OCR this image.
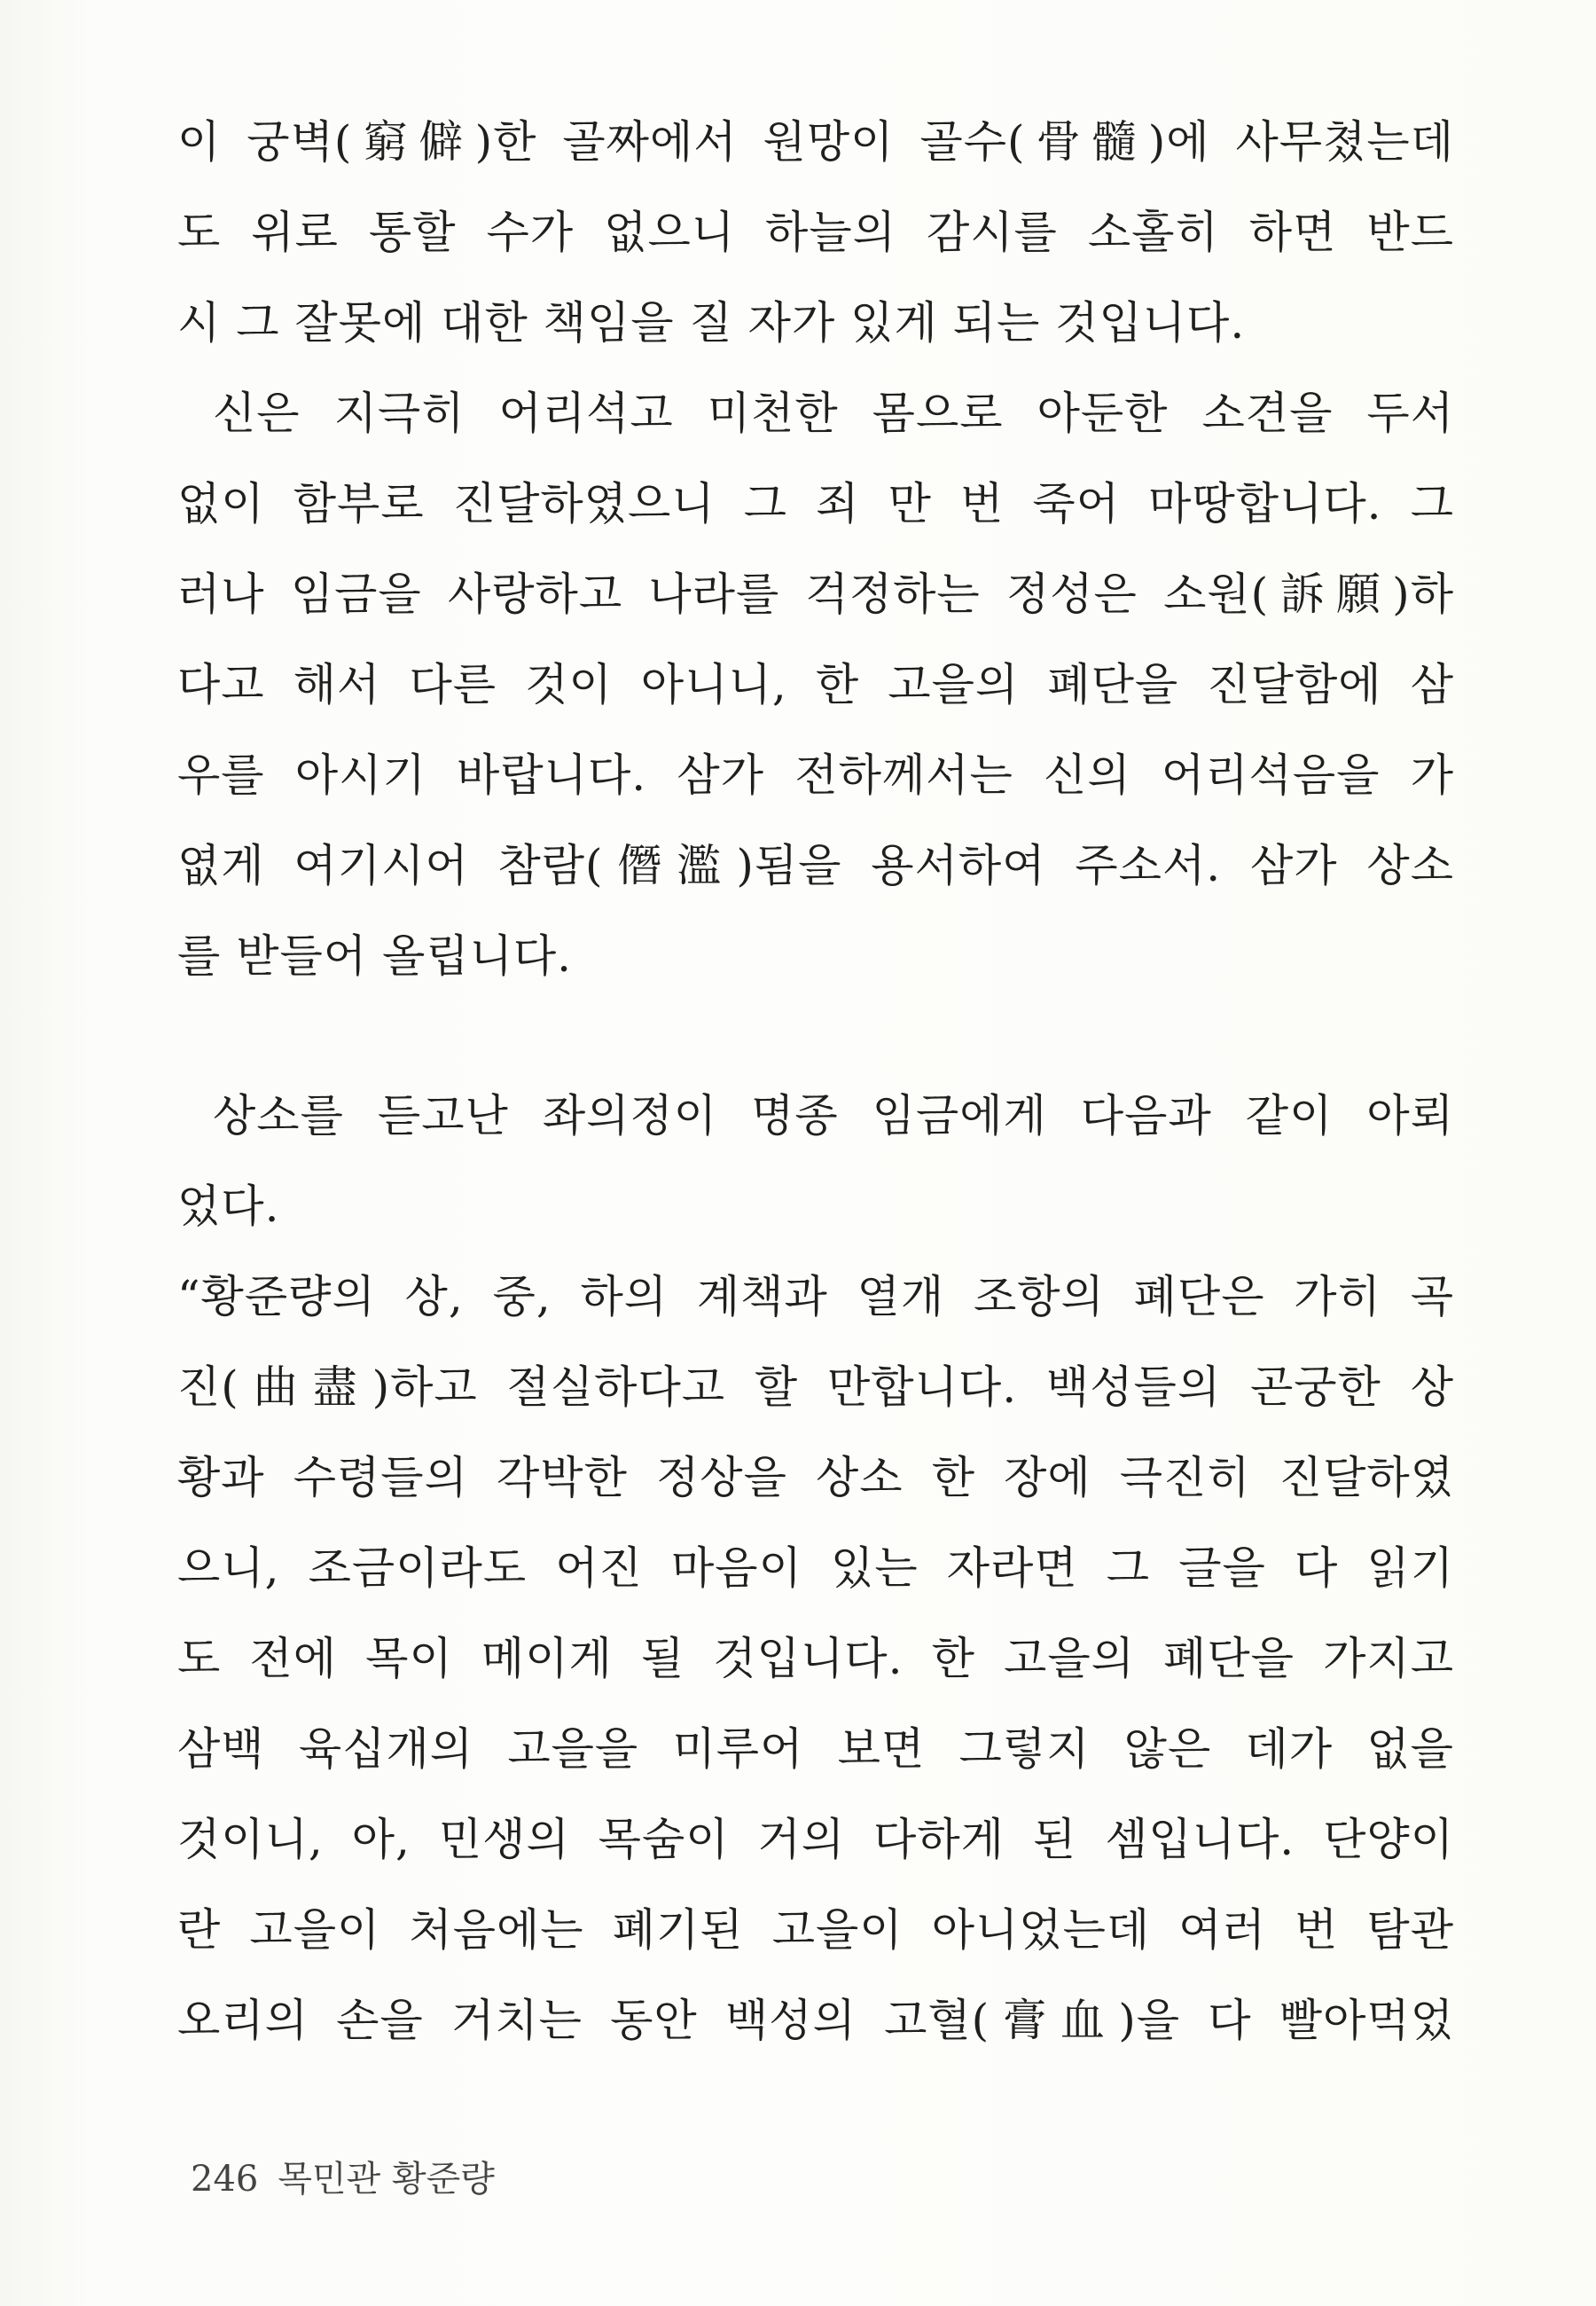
이 궁벽(窮僻)한 골짜에서 원망이 골수(骨髓)에 사무쳤는데
도 위로 통할 수가 없으니 하늘의 감시를 소홀히 하면 반드
시 그 잘못에 대한 책임을 질 자가 있게 되는 것입니다.
신은 지극히 어리석고 미천한 몸으로 아둔한 소견을 두서
없이 함부로 진달하였으니 그 죄 만 번 죽어 마땅합니다. 그
러나 임금을 사랑하고 나라를 걱정하는 정성은 소원(訴願)하
다고 해서 다른 것이 아니니, 한 고을의 폐단을 진달함에 삼
우를 아시기 바랍니다. 삼가 전하께서는 신의 어리석음을 가
엾게 여기시어 참람(僭濫)됨을 용서하여 주소서. 삼가 상소
를 받들어 올립니다.
상소를 듣고난 좌의정이 명종 임금에게 다음과 같이 아뢰
었다.
“황준량의 상, 중, 하의 계책과 열개 조항의 폐단은 가히 곡
진(曲盡)하고 절실하다고 할 만합니다. 백성들의 곤궁한 상
황과 수령들의 각박한 정상을 상소 한 장에 극진히 진달하였
으니, 조금이라도 어진 마음이 있는 자라면 그 글을 다 읽기
도 전에 목이 메이게 될 것입니다. 한 고을의 폐단을 가지고
삼백 육십개의 고을을 미루어 보면 그렇지 않은 데가 없을
것이니, 아, 민생의 목숨이 거의 다하게 된 셈입니다. 단양이
란 고을이 처음에는 폐기된 고을이 아니었는데 여러 번 탐관
오리의 손을 거치는 동안 백성의 고혈(膏血)을 다 빨아먹었
246 목민관 황준량
